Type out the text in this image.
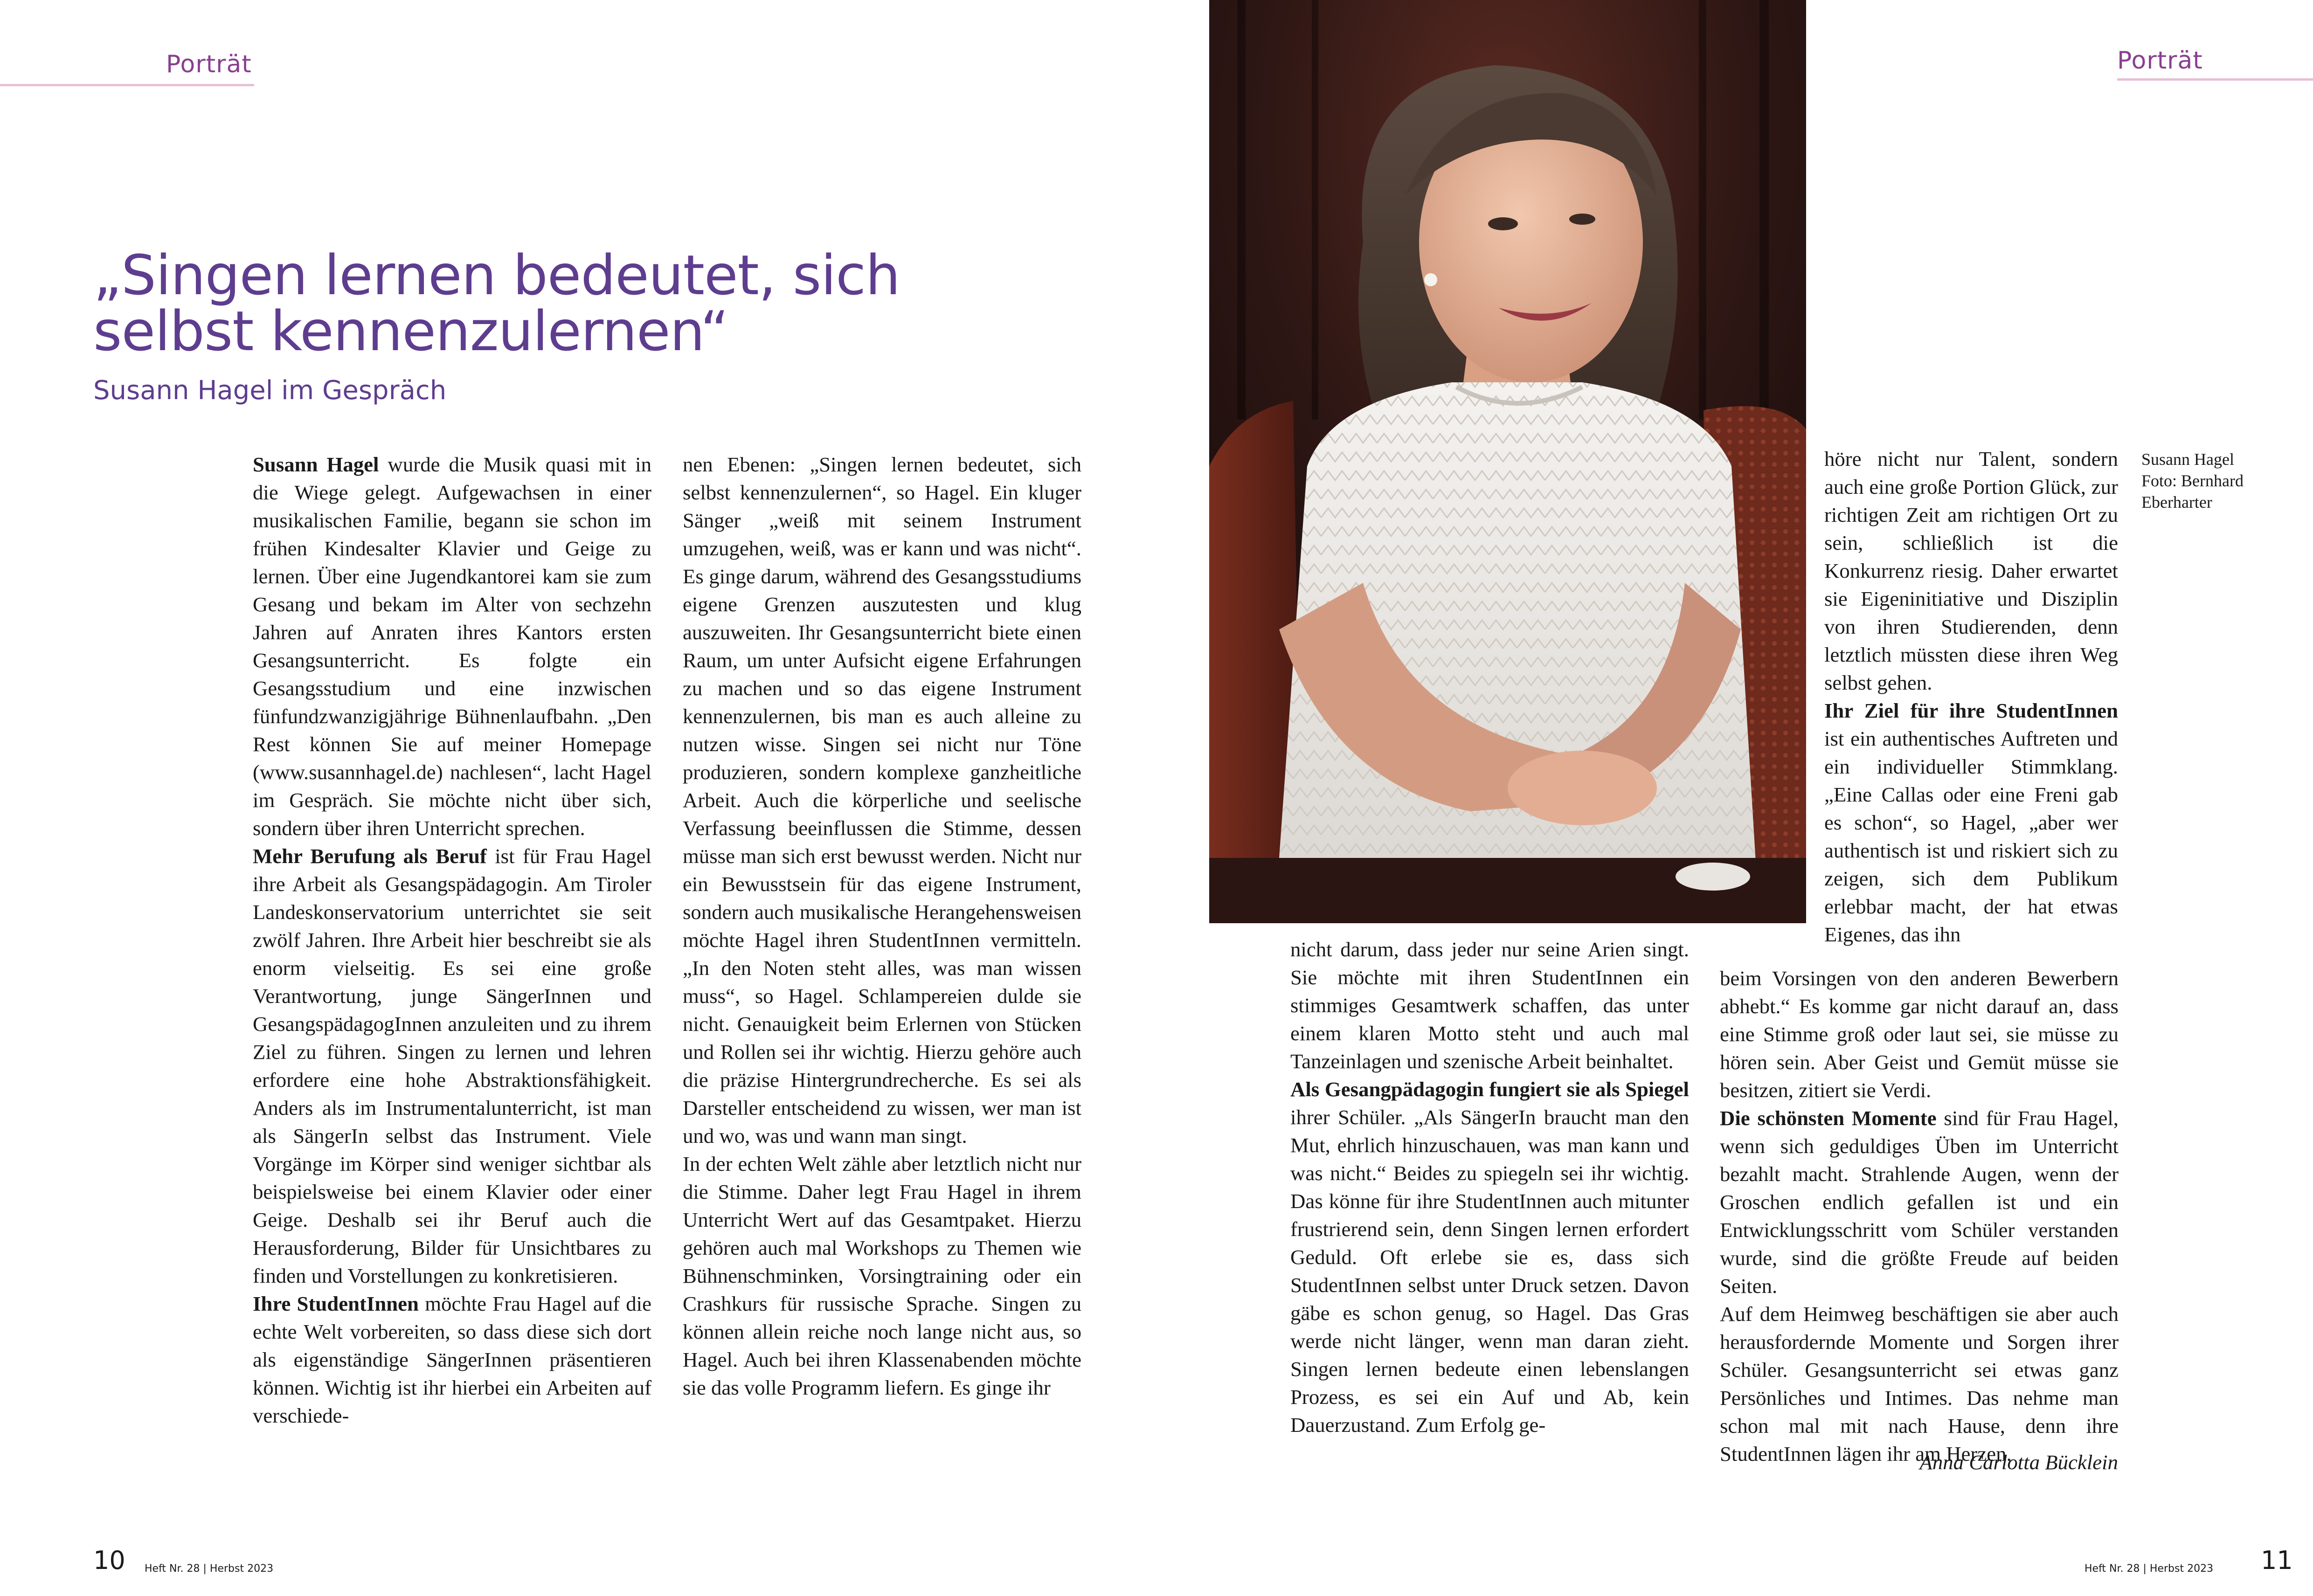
Porträt
„Singen lernen bedeutet, sich selbst kennenzulernen“
Susann Hagel im Gespräch

Susann Hagel wurde die Musik quasi mit in die Wiege gelegt. Aufgewachsen in einer musikalischen Familie, begann sie schon im frühen Kindesalter Klavier und Geige zu lernen. Über eine Jugendkantorei kam sie zum Gesang und bekam im Alter von sechzehn Jahren auf Anraten ihres Kantors ersten Gesangsunterricht. Es folgte ein Gesangsstudium und eine inzwischen fünfundzwanzigjährige Bühnenlaufbahn. „Den Rest können Sie auf meiner Homepage (www.susannhagel.de) nachlesen“, lacht Hagel im Gespräch. Sie möchte nicht über sich, sondern über ihren Unterricht sprechen.

Mehr Berufung als Beruf ist für Frau Hagel ihre Arbeit als Gesangspädagogin. Am Tiroler Landeskonservatorium unterrichtet sie seit zwölf Jahren. Ihre Arbeit hier beschreibt sie als enorm vielseitig. Es sei eine große Verantwortung, junge SängerInnen und GesangspädagogInnen anzuleiten und zu ihrem Ziel zu führen. Singen zu lernen und lehren erfordere eine hohe Abstraktionsfähigkeit. Anders als im Instrumentalunterricht, ist man als SängerIn selbst das Instrument. Viele Vorgänge im Körper sind weniger sichtbar als beispielsweise bei einem Klavier oder einer Geige. Deshalb sei ihr Beruf auch die Herausforderung, Bilder für Unsichtbares zu finden und Vorstellungen zu konkretisieren.

Ihre StudentInnen möchte Frau Hagel auf die echte Welt vorbereiten, so dass diese sich dort als eigenständige SängerInnen präsentieren können. Wichtig ist ihr hierbei ein Arbeiten auf verschiede-

nen Ebenen: „Singen lernen bedeutet, sich selbst kennenzulernen“, so Hagel. Ein kluger Sänger „weiß mit seinem Instrument umzugehen, weiß, was er kann und was nicht“. Es ginge darum, während des Gesangsstudiums eigene Grenzen auszutesten und klug auszuweiten. Ihr Gesangsunterricht biete einen Raum, um unter Aufsicht eigene Erfahrungen zu machen und so das eigene Instrument kennenzulernen, bis man es auch alleine zu nutzen wisse. Singen sei nicht nur Töne produzieren, sondern komplexe ganzheitliche Arbeit. Auch die körperliche und seelische Verfassung beeinflussen die Stimme, dessen müsse man sich erst bewusst werden. Nicht nur ein Bewusstsein für das eigene Instrument, sondern auch musikalische Herangehensweisen möchte Hagel ihren StudentInnen vermitteln. „In den Noten steht alles, was man wissen muss“, so Hagel. Schlampereien dulde sie nicht. Genauigkeit beim Erlernen von Stücken und Rollen sei ihr wichtig. Hierzu gehöre auch die präzise Hintergrundrecherche. Es sei als Darsteller entscheidend zu wissen, wer man ist und wo, was und wann man singt.

In der echten Welt zähle aber letztlich nicht nur die Stimme. Daher legt Frau Hagel in ihrem Unterricht Wert auf das Gesamtpaket. Hierzu gehören auch mal Workshops zu Themen wie Bühnenschminken, Vorsingtraining oder ein Crashkurs für russische Sprache. Singen zu können allein reiche noch lange nicht aus, so Hagel. Auch bei ihren Klassenabenden möchte sie das volle Programm liefern. Es ginge ihr

10 Heft Nr. 28 | Herbst 2023
Porträt

höre nicht nur Talent, sondern auch eine große Portion Glück, zur richtigen Zeit am richtigen Ort zu sein, schließlich ist die Konkurrenz riesig. Daher erwartet sie Eigeninitiative und Disziplin von ihren Studierenden, denn letztlich müssten diese ihren Weg selbst gehen.

Ihr Ziel für ihre StudentInnen ist ein authentisches Auftreten und ein individueller Stimmklang. „Eine Callas oder eine Freni gab es schon“, so Hagel, „aber wer authentisch ist und riskiert sich zu zeigen, sich dem Publikum erlebbar macht, der hat etwas Eigenes, das ihn

Susann Hagel
Foto: Bernhard Eberharter

nicht darum, dass jeder nur seine Arien singt. Sie möchte mit ihren StudentInnen ein stimmiges Gesamtwerk schaffen, das unter einem klaren Motto steht und auch mal Tanzeinlagen und szenische Arbeit beinhaltet.

Als Gesangpädagogin fungiert sie als Spiegel ihrer Schüler. „Als SängerIn braucht man den Mut, ehrlich hinzuschauen, was man kann und was nicht.“ Beides zu spiegeln sei ihr wichtig. Das könne für ihre StudentInnen auch mitunter frustrierend sein, denn Singen lernen erfordert Geduld. Oft erlebe sie es, dass sich StudentInnen selbst unter Druck setzen. Davon gäbe es schon genug, so Hagel. Das Gras werde nicht länger, wenn man daran zieht. Singen lernen bedeute einen lebenslangen Prozess, es sei ein Auf und Ab, kein Dauerzustand. Zum Erfolg ge-

beim Vorsingen von den anderen Bewerbern abhebt.“ Es komme gar nicht darauf an, dass eine Stimme groß oder laut sei, sie müsse zu hören sein. Aber Geist und Gemüt müsse sie besitzen, zitiert sie Verdi.

Die schönsten Momente sind für Frau Hagel, wenn sich geduldiges Üben im Unterricht bezahlt macht. Strahlende Augen, wenn der Groschen endlich gefallen ist und ein Entwicklungsschritt vom Schüler verstanden wurde, sind die größte Freude auf beiden Seiten.

Auf dem Heimweg beschäftigen sie aber auch herausfordernde Momente und Sorgen ihrer Schüler. Gesangsunterricht sei etwas ganz Persönliches und Intimes. Das nehme man schon mal mit nach Hause, denn ihre StudentInnen lägen ihr am Herzen.

Anna Carlotta Bücklein

Heft Nr. 28 | Herbst 2023 11
